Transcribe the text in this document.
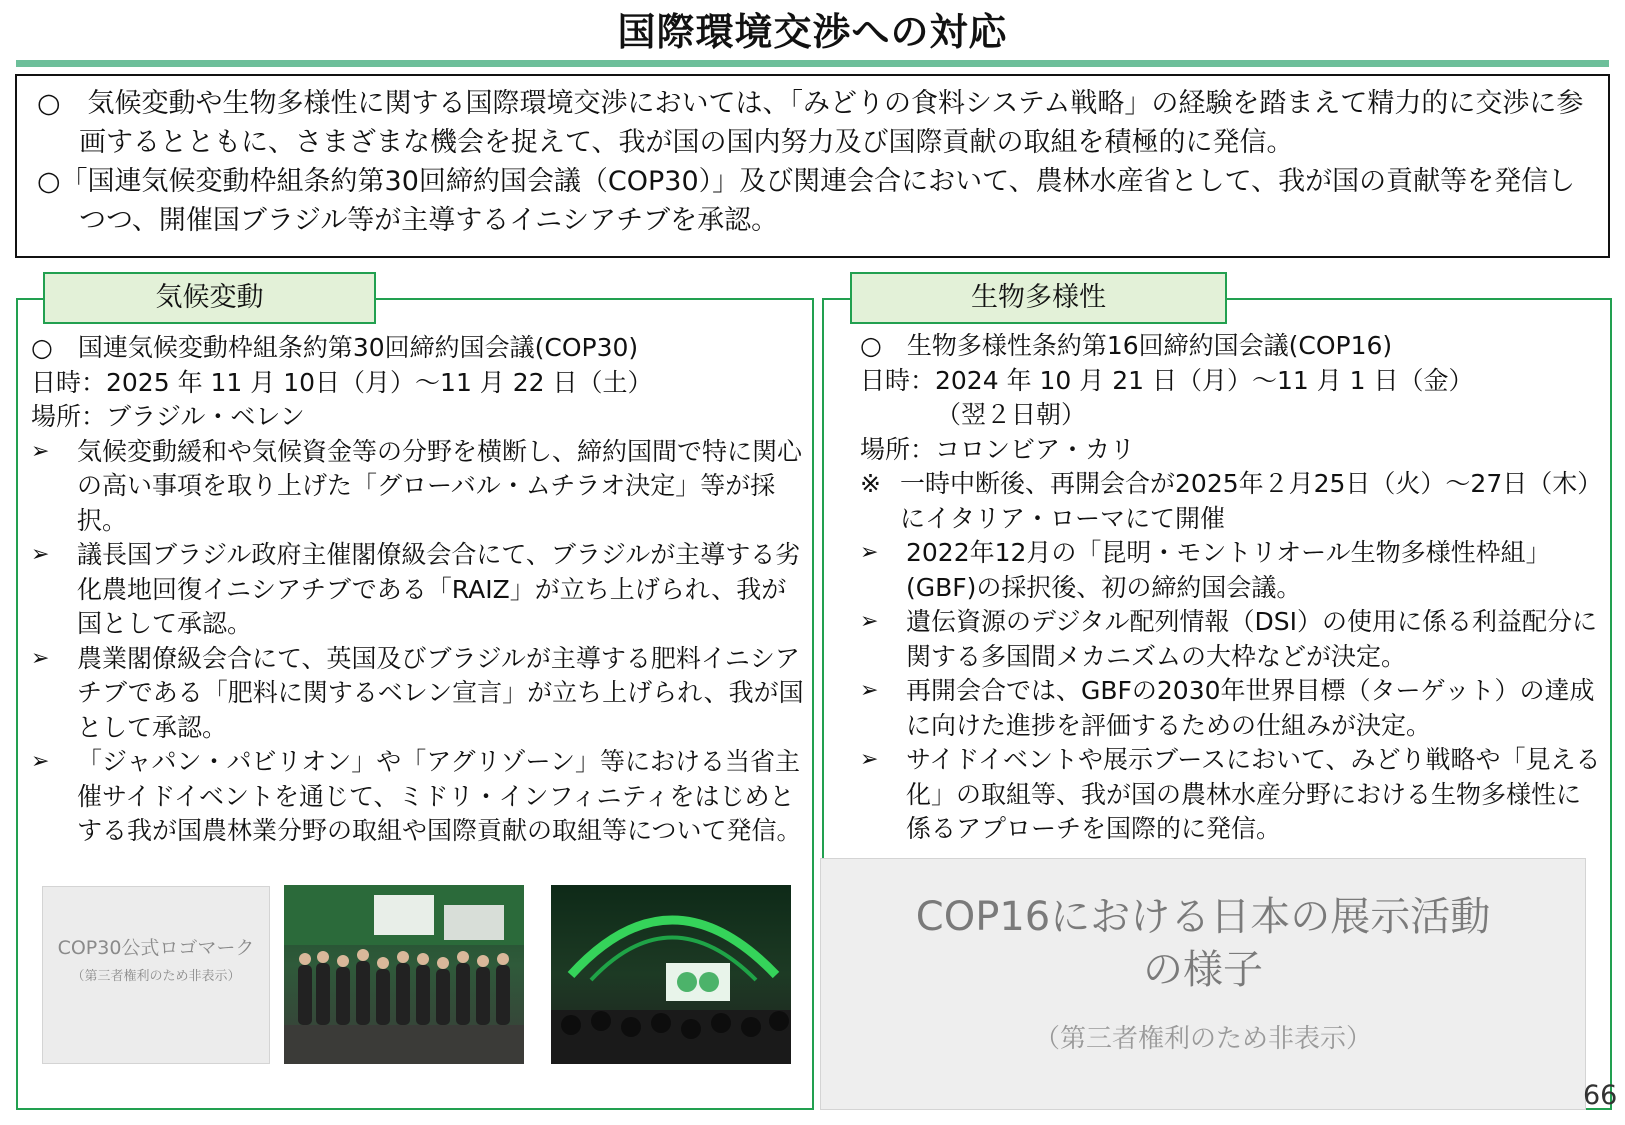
国際環境交渉への対応

○　気候変動や生物多様性に関する国際環境交渉においては、「みどりの食料システム戦略」の経験を踏まえて精力的に交渉に参画するとともに、さまざまな機会を捉えて、我が国の国内努力及び国際貢献の取組を積極的に発信。

○「国連気候変動枠組条約第30回締約国会議（COP30）」及び関連会合において、農林水産省として、我が国の貢献等を発信しつつ、開催国ブラジル等が主導するイニシアチブを承認。

気候変動
○　国連気候変動枠組条約第30回締約国会議(COP30)
日時：2025 年 11 月 10日（月）～11 月 22 日（土）
場所：ブラジル・ベレン
➢	気候変動緩和や気候資金等の分野を横断し、締約国間で特に関心の高い事項を取り上げた「グローバル・ムチラオ決定」等が採択。
➢	議長国ブラジル政府主催閣僚級会合にて、ブラジルが主導する劣化農地回復イニシアチブである「RAIZ」が立ち上げられ、我が国として承認。
➢	農業閣僚級会合にて、英国及びブラジルが主導する肥料イニシアチブである「肥料に関するベレン宣言」が立ち上げられ、我が国として承認。
➢	「ジャパン・パビリオン」や「アグリゾーン」等における当省主催サイドイベントを通じて、ミドリ・インフィニティをはじめとする我が国農林業分野の取組や国際貢献の取組等について発信。
COP30公式ロゴマーク
（第三者権利のため非表示）
生物多様性
○　生物多様性条約第16回締約国会議(COP16)
日時：2024 年 10 月 21 日（月）～11 月 1 日（金）
（翌２日朝）
場所：コロンビア・カリ
※ 一時中断後、再開会合が2025年２月25日（火）～27日（木）にイタリア・ローマにて開催
➢	2022年12月の「昆明・モントリオール生物多様性枠組」(GBF)の採択後、初の締約国会議。
➢	遺伝資源のデジタル配列情報（DSI）の使用に係る利益配分に関する多国間メカニズムの大枠などが決定。
➢	再開会合では、GBFの2030年世界目標（ターゲット）の達成に向けた進捗を評価するための仕組みが決定。
➢	サイドイベントや展示ブースにおいて、みどり戦略や「見える化」の取組等、我が国の農林水産分野における生物多様性に係るアプローチを国際的に発信。
COP16における日本の展示活動
の様子
（第三者権利のため非表示）
66
